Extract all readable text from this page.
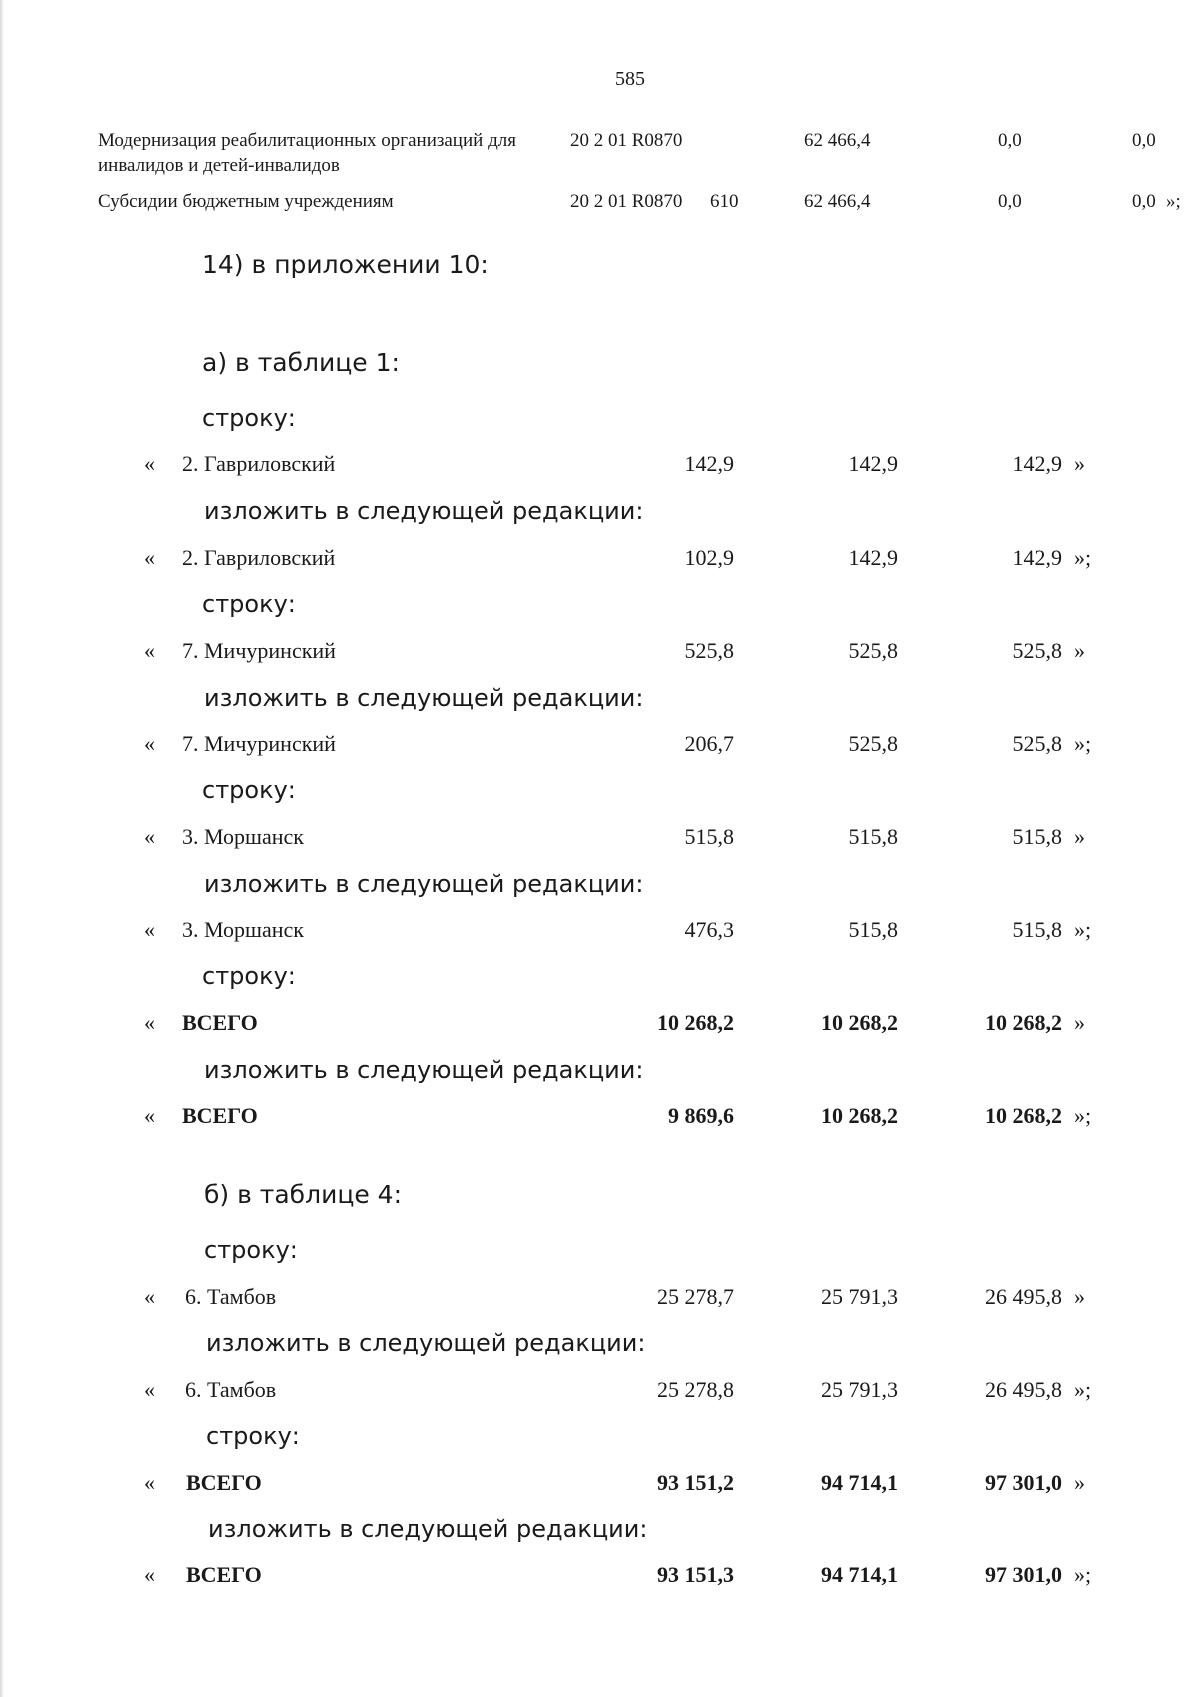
585
Модернизация реабилитационных организаций для инвалидов и детей-инвалидов
20 2 01 R0870	62 466,4	0,0	0,0
Субсидии бюджетным учреждениям	20 2 01 R0870 610	62 466,4	0,0	0,0 »;
14) в приложении 10:
а) в таблице 1:
строку:
« 2. Гавриловский	142,9	142,9	142,9 »
изложить в следующей редакции:
« 2. Гавриловский	102,9	142,9	142,9 »;
строку:
« 7. Мичуринский	525,8	525,8	525,8 »
изложить в следующей редакции:
« 7. Мичуринский	206,7	525,8	525,8 »;
строку:
« 3. Моршанск	515,8	515,8	515,8 »
изложить в следующей редакции:
« 3. Моршанск	476,3	515,8	515,8 »;
строку:
« ВСЕГО	10 268,2	10 268,2	10 268,2 »
изложить в следующей редакции:
« ВСЕГО	9 869,6	10 268,2	10 268,2 »;
б) в таблице 4:
строку:
« 6. Тамбов	25 278,7	25 791,3	26 495,8 »
изложить в следующей редакции:
« 6. Тамбов	25 278,8	25 791,3	26 495,8 »;
строку:
« ВСЕГО	93 151,2	94 714,1	97 301,0 »
изложить в следующей редакции:
« ВСЕГО	93 151,3	94 714,1	97 301,0 »;
